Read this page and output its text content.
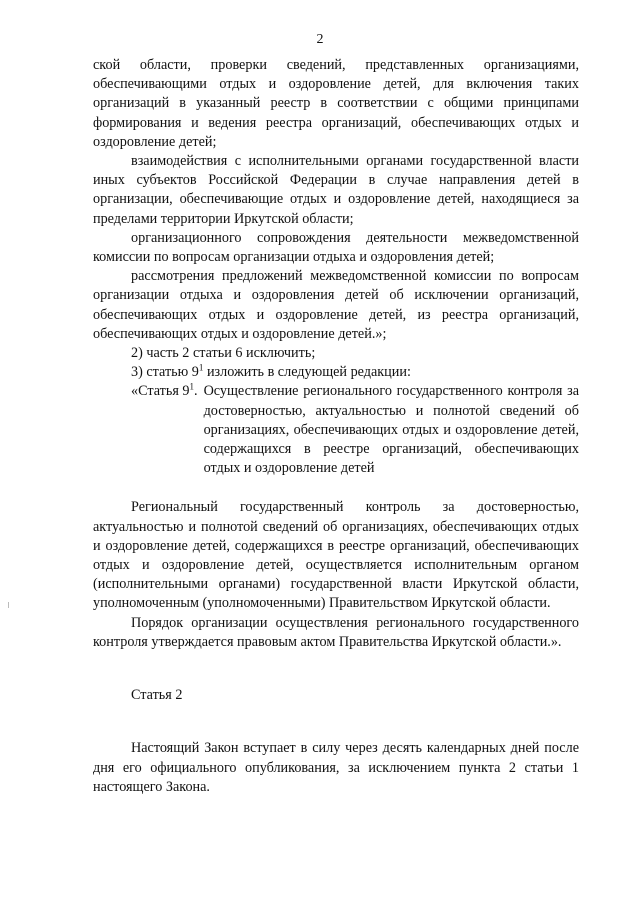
2

ской области, проверки сведений, представленных организациями, обеспечивающими отдых и оздоровление детей, для включения таких организаций в указанный реестр в соответствии с общими принципами формирования и ведения реестра организаций, обеспечивающих отдых и оздоровление детей;

взаимодействия с исполнительными органами государственной власти иных субъектов Российской Федерации в случае направления детей в организации, обеспечивающие отдых и оздоровление детей, находящиеся за пределами территории Иркутской области;

организационного сопровождения деятельности межведомственной комиссии по вопросам организации отдыха и оздоровления детей;

рассмотрения предложений межведомственной комиссии по вопросам организации отдыха и оздоровления детей об исключении организаций, обеспечивающих отдых и оздоровление детей, из реестра организаций, обеспечивающих отдых и оздоровление детей.»;

2) часть 2 статьи 6 исключить;

3) статью $9^1$ изложить в следующей редакции:

«Статья $9^1$. Осуществление регионального государственного контроля за достоверностью, актуальностью и полнотой сведений об организациях, обеспечивающих отдых и оздоровление детей, содержащихся в реестре организаций, обеспечивающих отдых и оздоровление детей

Региональный государственный контроль за достоверностью, актуальностью и полнотой сведений об организациях, обеспечивающих отдых и оздоровление детей, содержащихся в реестре организаций, обеспечивающих отдых и оздоровление детей, осуществляется исполнительным органом (исполнительными органами) государственной власти Иркутской области, уполномоченным (уполномоченными) Правительством Иркутской области.

Порядок организации осуществления регионального государственного контроля утверждается правовым актом Правительства Иркутской области.».

Статья 2

Настоящий Закон вступает в силу через десять календарных дней после дня его официального опубликования, за исключением пункта 2 статьи 1 настоящего Закона.
